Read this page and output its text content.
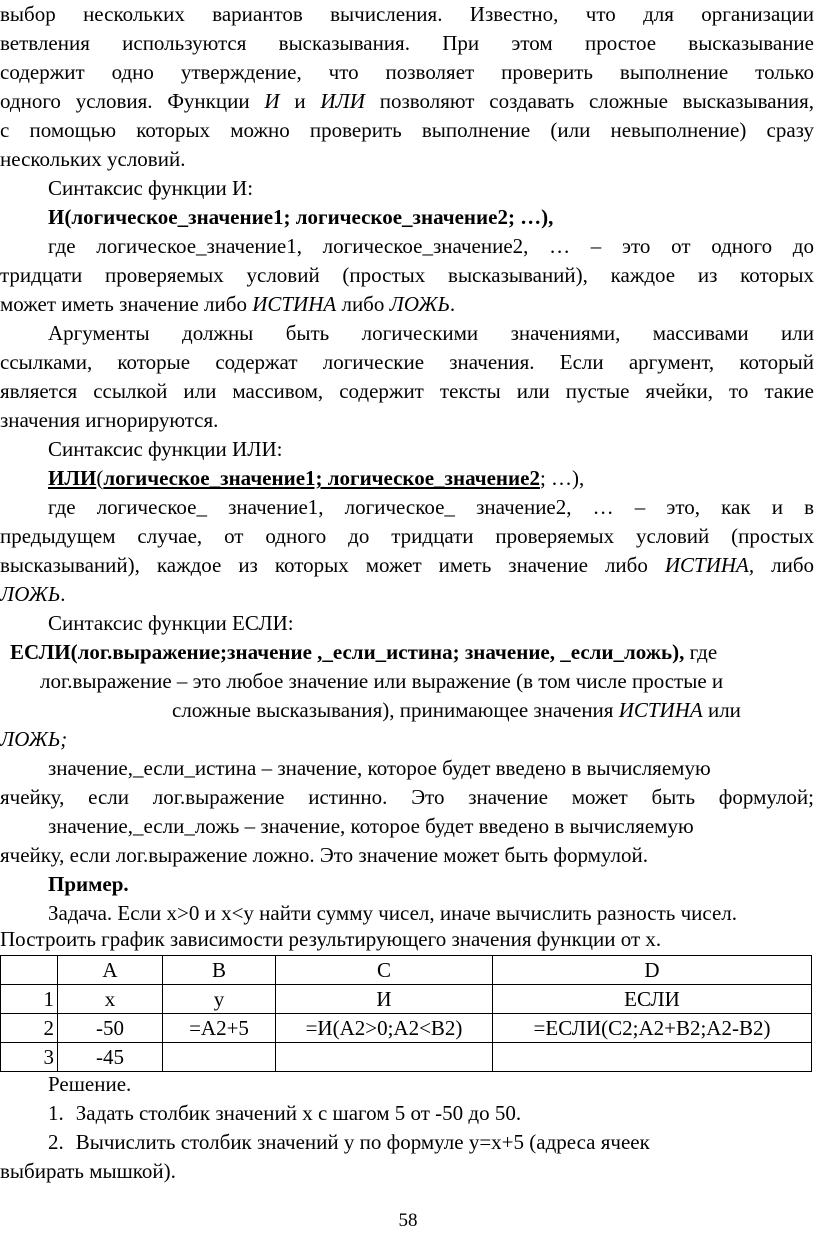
выбор нескольких вариантов вычисления. Известно, что для организации
ветвления используются высказывания. При этом простое высказывание
содержит одно утверждение, что позволяет проверить выполнение только
одного условия. Функции И и ИЛИ позволяют создавать сложные высказывания,
с помощью которых можно проверить выполнение (или невыполнение) сразу
нескольких условий.
Синтаксис функции И:
И(логическое_значение1; логическое_значение2; …),
где логическое_значение1, логическое_значение2, … – это от одного до
тридцати проверяемых условий (простых высказываний), каждое из которых
может иметь значение либо ИСТИНА либо ЛОЖЬ.
Аргументы должны быть логическими значениями, массивами или
ссылками, которые содержат логические значения. Если аргумент, который
является ссылкой или массивом, содержит тексты или пустые ячейки, то такие
значения игнорируются.
Синтаксис функции ИЛИ:
ИЛИ(логическое_значение1; логическое_значение2; …),
где логическое_ значение1, логическое_ значение2, … – это, как и в
предыдущем случае, от одного до тридцати проверяемых условий (простых
высказываний), каждое из которых может иметь значение либо ИСТИНА, либо
ЛОЖЬ.
Синтаксис функции ЕСЛИ:
ЕСЛИ(лог.выражение;значение ,_если_истина; значение, _если_ложь), где
лог.выражение – это любое значение или выражение (в том числе простые и
сложные высказывания), принимающее значения ИСТИНА или
ЛОЖЬ;
значение,_если_истина – значение, которое будет введено в вычисляемую
ячейку, если лог.выражение истинно. Это значение может быть формулой;
значение,_если_ложь – значение, которое будет введено в вычисляемую
ячейку, если лог.выражение ложно. Это значение может быть формулой.
Пример.
Задача. Если x>0 и x<y найти сумму чисел, иначе вычислить разность чисел.
	A	B	C	D
1	x	y	И	ЕСЛИ
2	-50	=A2+5	=И(A2>0;A2<B2)	=ЕСЛИ(C2;A2+B2;A2-B2)
3	-45			
Построить график зависимости результирующего значения функции от x.
Решение.
1. Задать столбик значений x с шагом 5 от -50 до 50.
2. Вычислить столбик значений y по формуле y=x+5 (адреса ячеек
выбирать мышкой).
58
